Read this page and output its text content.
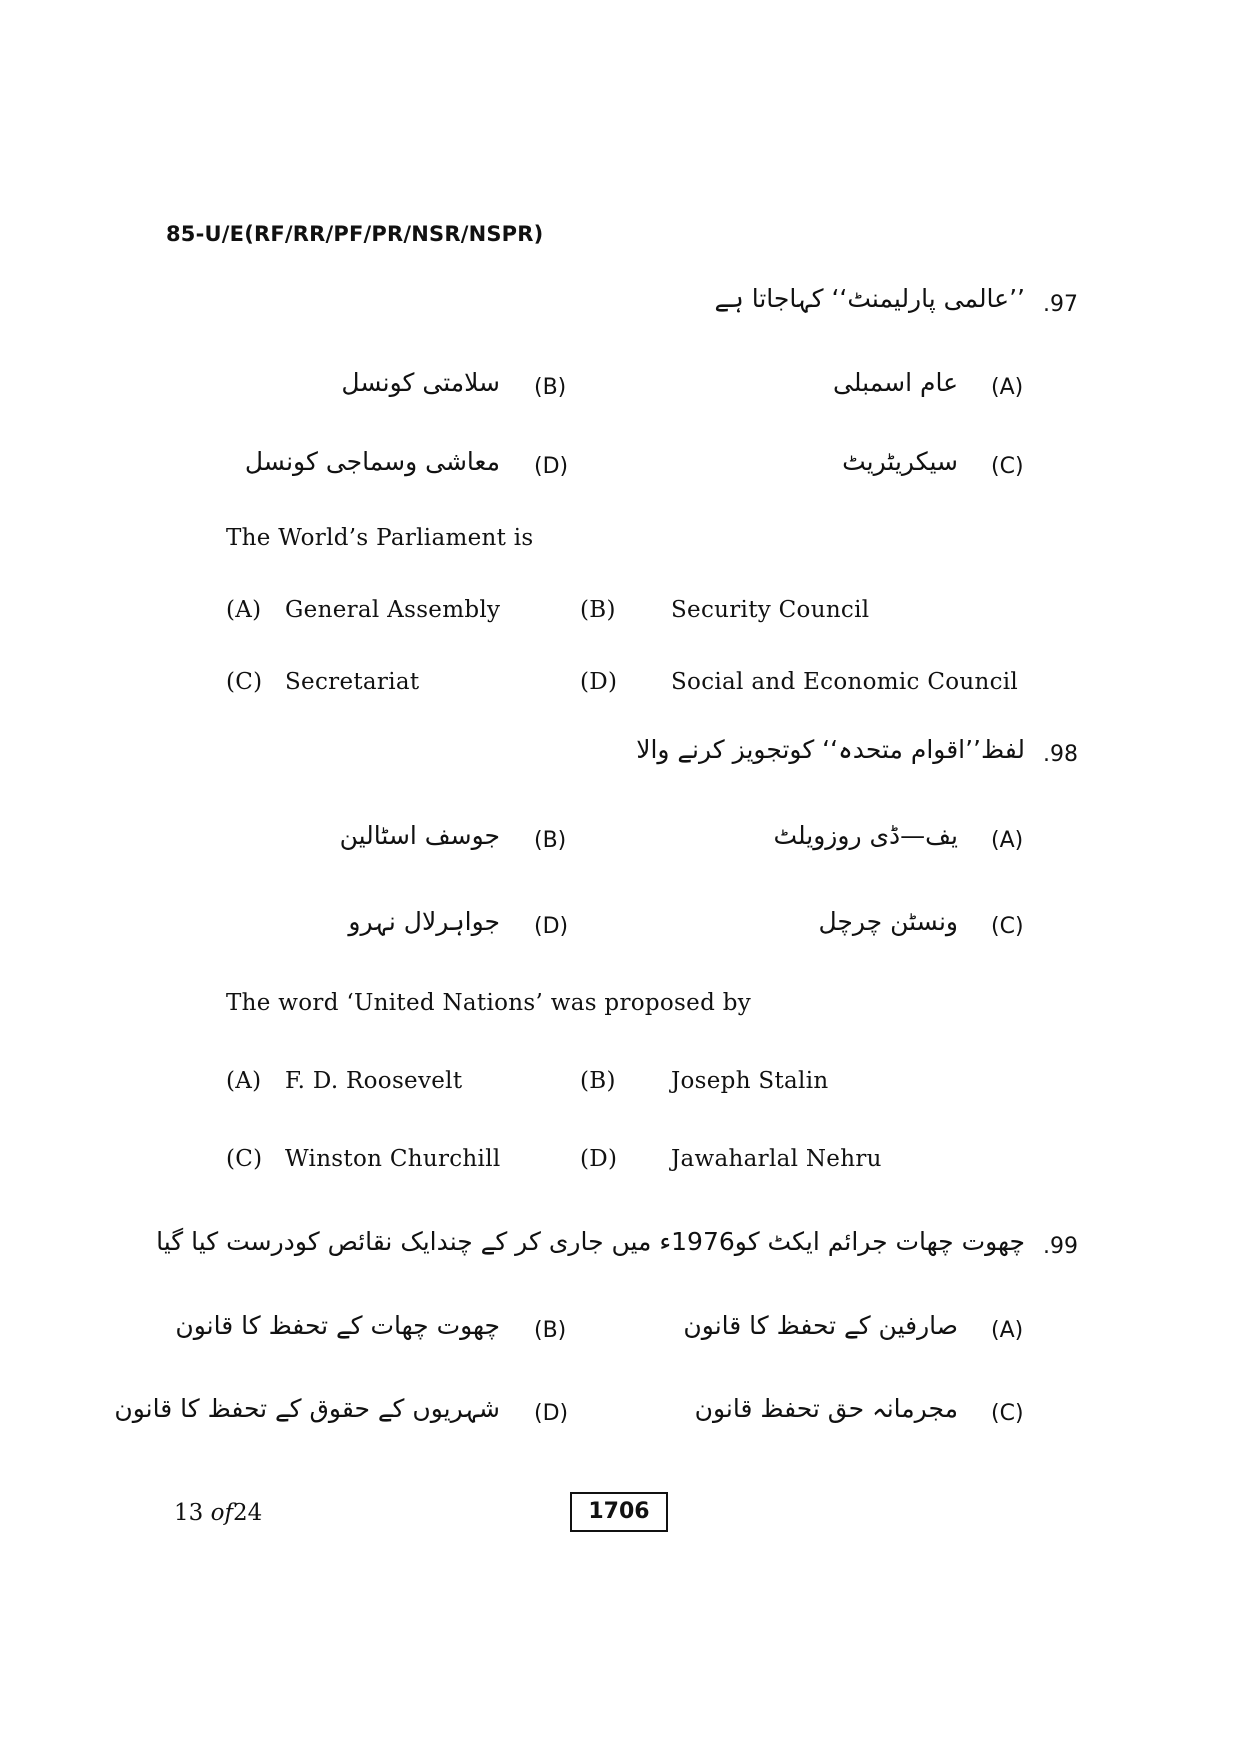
85-U/E(RF/RR/PF/PR/NSR/NSPR)
.97
’’عالمی پارلیمنٹ‘‘ کہاجاتا ہے
(A)
عام اسمبلی
(B)
سلامتی کونسل
(C)
سیکریٹریٹ
(D)
معاشی وسماجی کونسل
The World’s Parliament is
(A) General Assembly	(B) Security Council
(C) Secretariat	(D) Social and Economic Council
.98
لفظ’’اقوام متحدہ‘‘ کوتجویز کرنے والا
(A)
یف—ڈی روزویلٹ
(B)
جوسف اسٹالین
(C)
ونسٹن چرچل
(D)
جواہرلال نہرو
The word ‘United Nations’ was proposed by
(A) F. D. Roosevelt	(B) Joseph Stalin
(C) Winston Churchill	(D) Jawaharlal Nehru
.99
چھوت چھات جرائم ایکٹ کو1976ء میں جاری کر کے چندایک نقائص کودرست کیا گیا
(A)
صارفین کے تحفظ کا قانون
(B)
چھوت چھات کے تحفظ کا قانون
(C)
مجرمانہ حق تحفظ قانون
(D)
شہریوں کے حقوق کے تحفظ کا قانون
13 of24	1706
